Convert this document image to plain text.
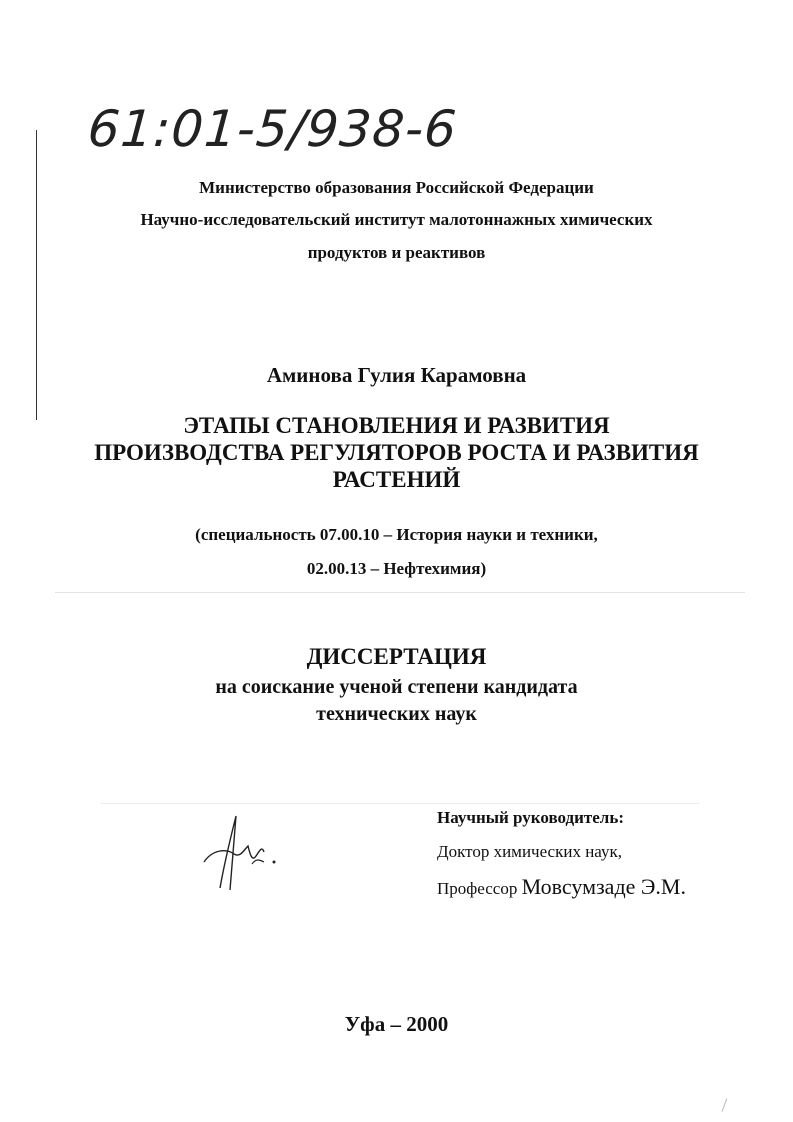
61:01-5/938-6
Министерство образования Российской Федерации
Научно-исследовательский институт малотоннажных химических
продуктов и реактивов
Аминова Гулия Карамовна
ЭТАПЫ СТАНОВЛЕНИЯ И РАЗВИТИЯ
ПРОИЗВОДСТВА РЕГУЛЯТОРОВ РОСТА И РАЗВИТИЯ
РАСТЕНИЙ
(специальность 07.00.10 – История науки и техники,
02.00.13 – Нефтехимия)
ДИССЕРТАЦИЯ
на соискание ученой степени кандидата
технических наук
Научный руководитель:
Доктор химических наук,
Профессор Мовсумзаде Э.М.
Уфа – 2000
